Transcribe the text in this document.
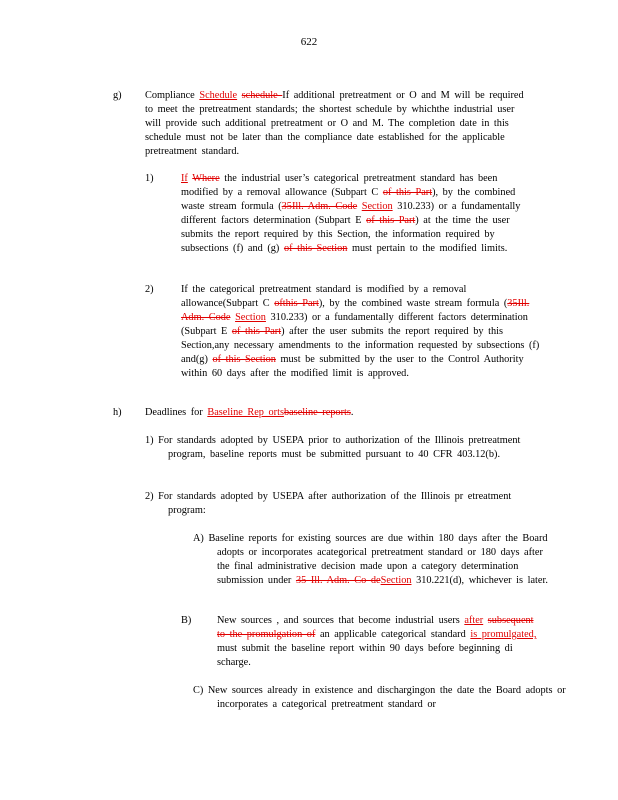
622
g) Compliance Schedule schedule If additional pretreatment or O and M will be required to meet the pretreatment standards; the shortest schedule by whichthe industrial user will provide such additional pretreatment or O and M. The completion date in this schedule must not be later than the compliance date established for the applicable pretreatment standard.
1)	If Where the industrial user’s categorical pretreatment standard has been modified by a removal allowance (Subpart C of this Part), by the combined waste stream formula (35Ill. Adm. Code Section 310.233) or a fundamentally different factors determination (Subpart E of this Part) at the time the user submits the report required by this Section, the information required by subsections (f) and (g) of this Section must pertain to the modified limits.
2)	If the categorical pretreatment standard is modified by a removal allowance(Subpart C ofthis Part), by the combined waste stream formula (35Ill. Adm. Code Section 310.233) or a fundamentally different factors determination (Subpart E of this Part) after the user submits the report required by this Section,any necessary amendments to the information requested by subsections (f) and(g) of this Section must be submitted by the user to the Control Authority within 60 days after the modified limit is approved.
h) Deadlines for Baseline Rep ortsbaseline reports.
1) For standards adopted by USEPA prior to authorization of the Illinois pretreatment program, baseline reports must be submitted pursuant to 40 CFR 403.12(b).
2) For standards adopted by USEPA after authorization of the Illinois pr etreatment program:
A) Baseline reports for existing sources are due within 180 days after the Board adopts or incorporates acategorical pretreatment standard or 180 days after the final administrative decision made upon a category determination submission under 35 Ill. Adm. Co deSection 310.221(d), whichever is later.
B) New sources , and sources that become industrial users after subsequent to the promulgation of an applicable categorical standard is promulgated, must submit the baseline report within 90 days before beginning di scharge.
C) New sources already in existence and dischargingon the date the Board adopts or incorporates a categorical pretreatment standard or
